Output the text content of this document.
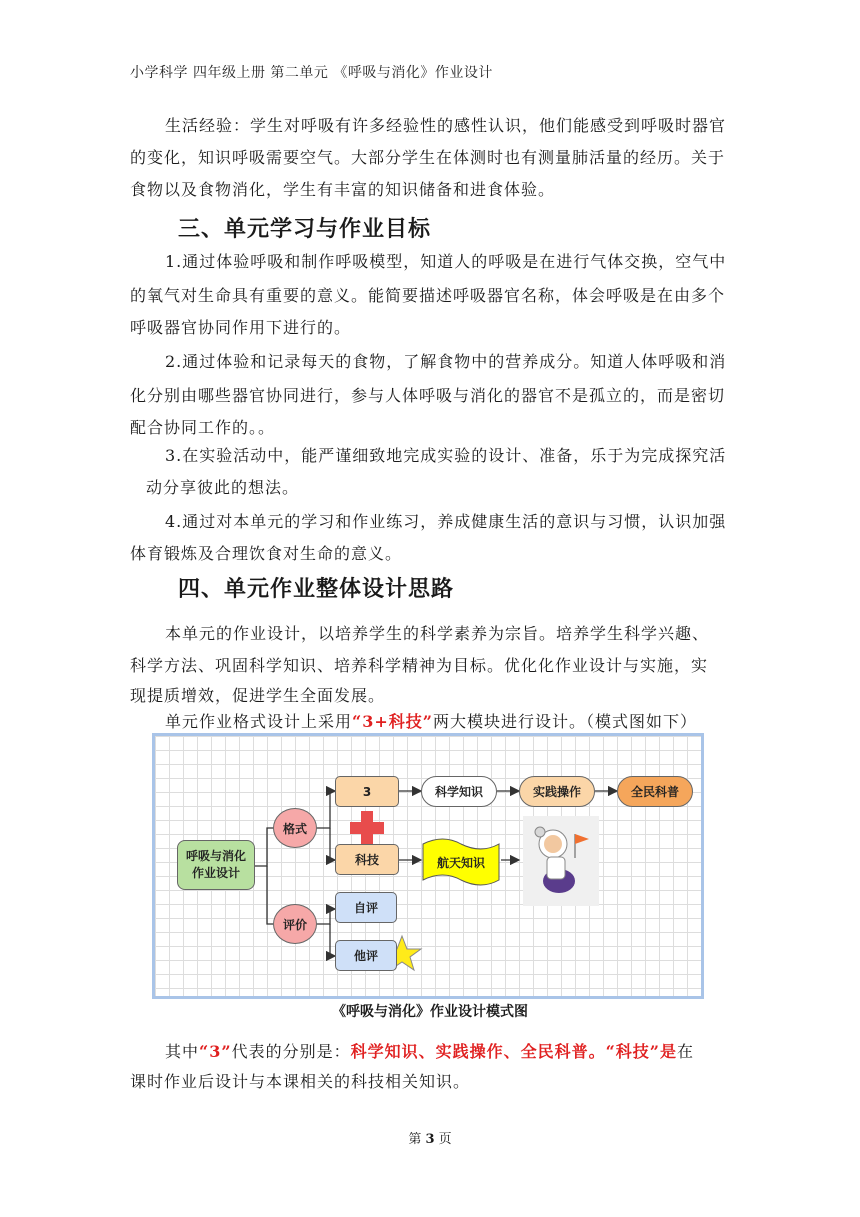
小学科学 四年级上册 第二单元 《呼吸与消化》作业设计
生活经验：学生对呼吸有许多经验性的感性认识，他们能感受到呼吸时器官
的变化，知识呼吸需要空气。大部分学生在体测时也有测量肺活量的经历。关于
食物以及食物消化，学生有丰富的知识储备和进食体验。
三、单元学习与作业目标
1.通过体验呼吸和制作呼吸模型，知道人的呼吸是在进行气体交换，空气中
的氧气对生命具有重要的意义。能简要描述呼吸器官名称，体会呼吸是在由多个
呼吸器官协同作用下进行的。
2.通过体验和记录每天的食物，了解食物中的营养成分。知道人体呼吸和消
化分别由哪些器官协同进行，参与人体呼吸与消化的器官不是孤立的，而是密切
配合协同工作的。。
3.在实验活动中，能严谨细致地完成实验的设计、准备，乐于为完成探究活
动分享彼此的想法。
4.通过对本单元的学习和作业练习，养成健康生活的意识与习惯，认识加强
体育锻炼及合理饮食对生命的意义。
四、单元作业整体设计思路
本单元的作业设计，以培养学生的科学素养为宗旨。培养学生科学兴趣、
科学方法、巩固科学知识、培养科学精神为目标。优化化作业设计与实施，实
现提质增效，促进学生全面发展。
单元作业格式设计上采用“3+科技”两大模块进行设计。（模式图如下）
呼吸与消化
作业设计
格式
评价
3
科技
科学知识	实践操作	全民科普
航天知识
自评
他评
《呼吸与消化》作业设计模式图
其中“3”代表的分别是：科学知识、实践操作、全民科普。“科技”是在
课时作业后设计与本课相关的科技相关知识。
第 3 页
